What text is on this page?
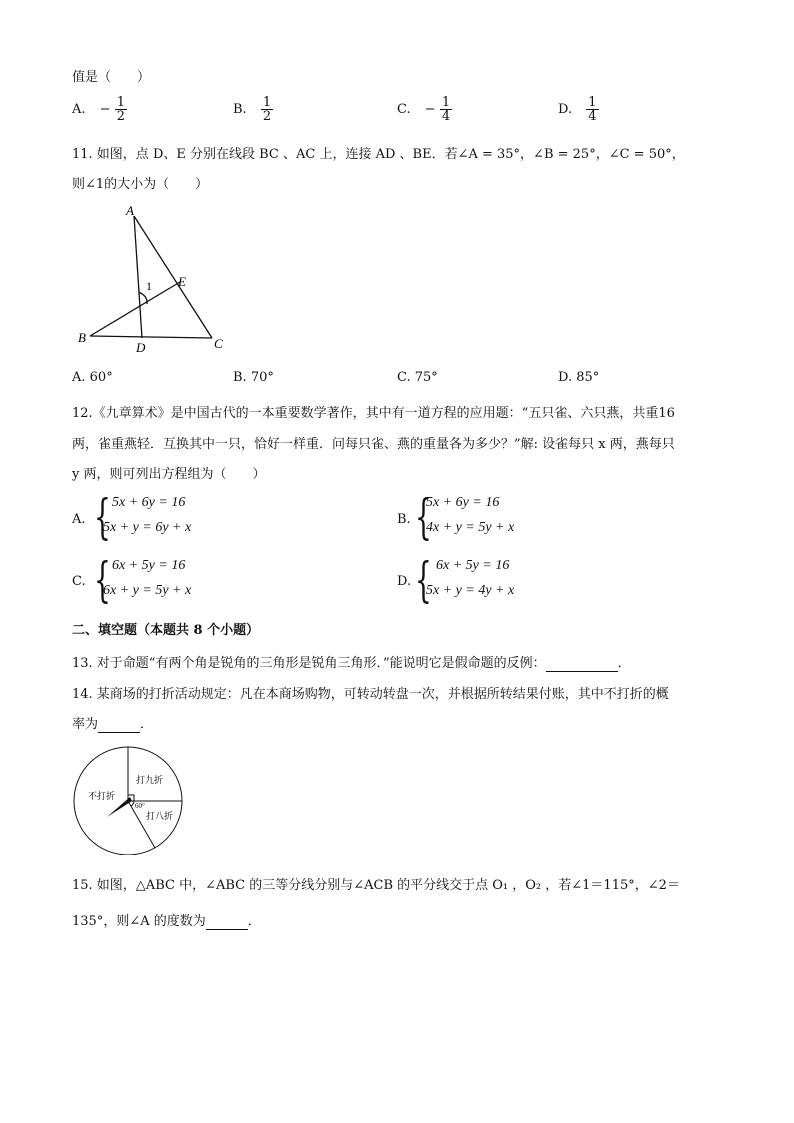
值是（　　）
A. − $\frac{1}{2}$	B. $\frac{1}{2}$	C. − $\frac{1}{4}$	D. $\frac{1}{4}$
11. 如图，点 D、E 分别在线段 BC 、AC 上，连接 AD 、BE．若∠A = 35°，∠B = 25°，∠C = 50°，
则∠1的大小为（　　）
A
E
1
B
D	C
A. 60°	B. 70°	C. 75°	D. 85°
12.《九章算术》是中国古代的一本重要数学著作，其中有一道方程的应用题：“五只雀、六只燕，共重16
两，雀重燕轻．互换其中一只，恰好一样重．问每只雀、燕的重量各为多少？”解: 设雀每只 x 两，燕每只
y 两，则可列出方程组为（　　）
A. { 5x + 6y = 16
5x + y = 6y + x
B. {
5x + 6y = 16
4x + y = 5y + x
C. { 6x + 5y = 16
6x + y = 5y + x
D. { 6x + 5y = 16
5x + y = 4y + x
二、填空题（本题共 8 个小题）
13. 对于命题“有两个角是锐角的三角形是锐角三角形．”能说明它是假命题的反例：	．
14. 某商场的打折活动规定：凡在本商场购物，可转动转盘一次，并根据所转结果付账，其中不打折的概
率为	．
不打折
打九折
打八折
60°
15. 如图，△ABC 中，∠ABC 的三等分线分别与∠ACB 的平分线交于点 O₁ ，O₂ ，若∠1＝115°，∠2＝
135°，则∠A 的度数为	．
